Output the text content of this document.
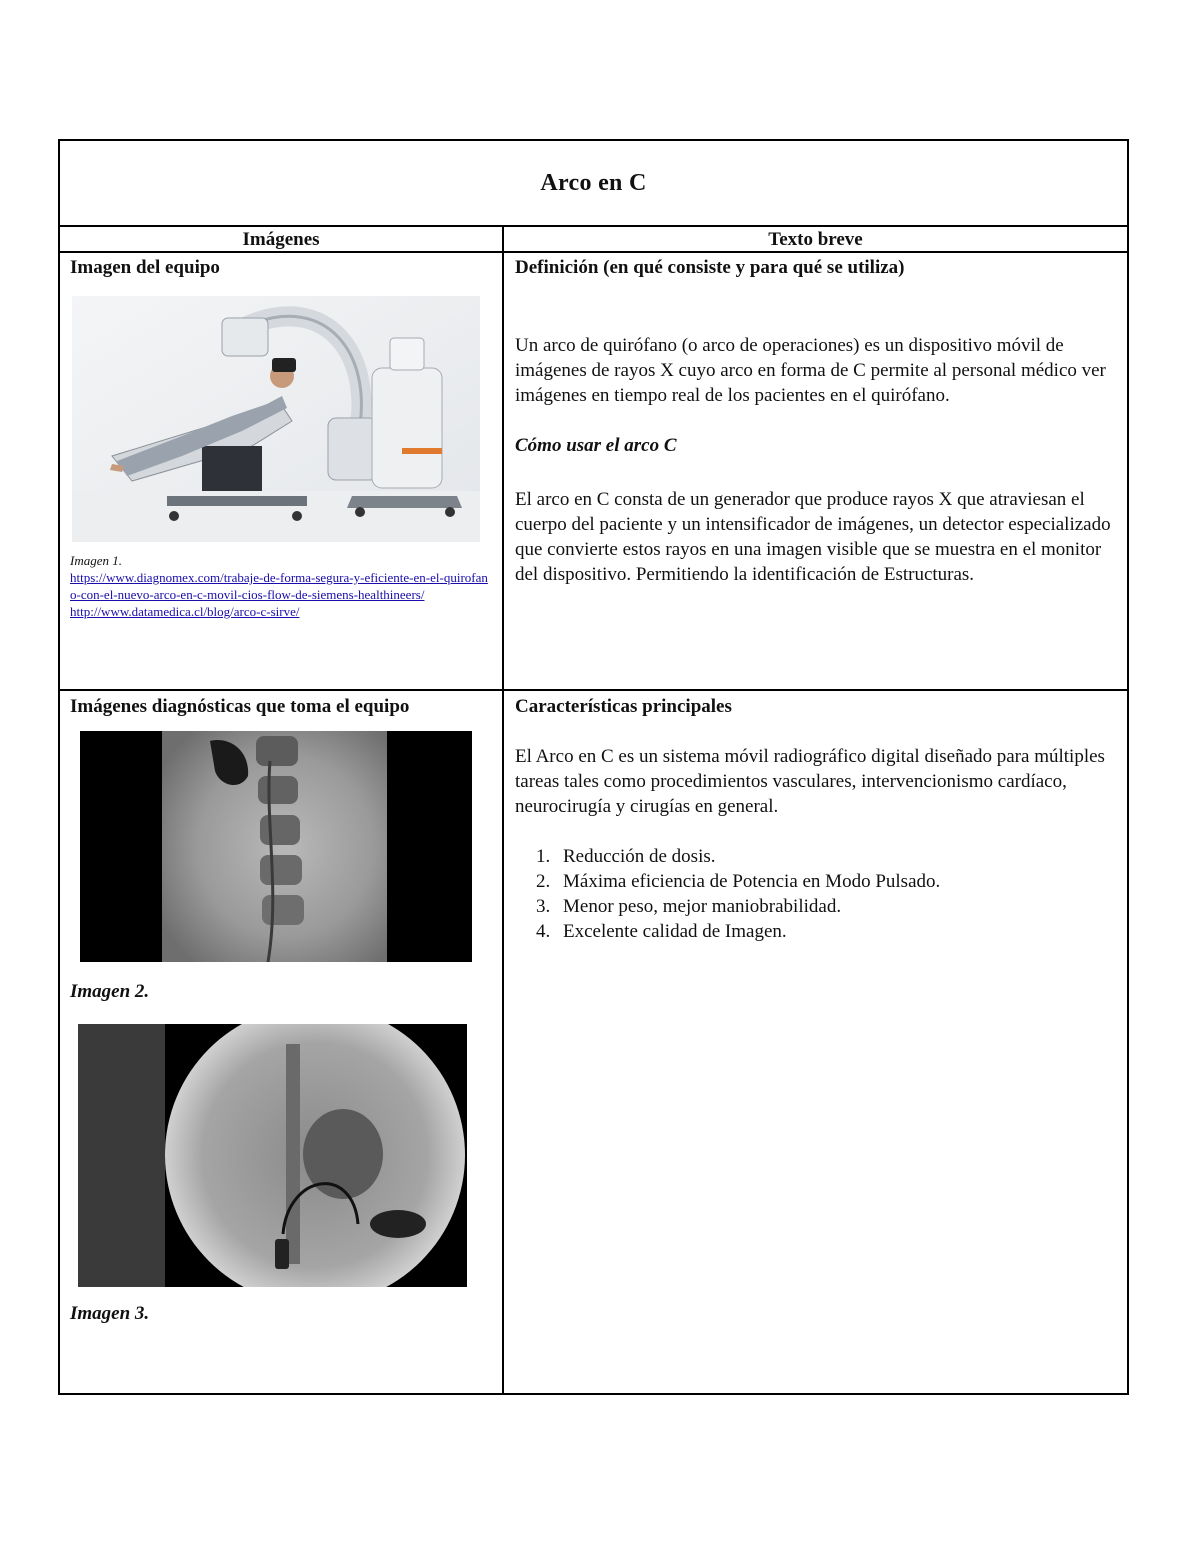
Arco en C
Imágenes	Texto breve

Imagen del equipo

Imagen 1.

https://www.diagnomex.com/trabaje-de-forma-segura-y-eficiente-en-el-quirofano-con-el-nuevo-arco-en-c-movil-cios-flow-de-siemens-healthineers/
http://www.datamedica.cl/blog/arco-c-sirve/

Definición (en qué consiste y para qué se utiliza)

Un arco de quirófano (o arco de operaciones) es un dispositivo móvil de imágenes de rayos X cuyo arco en forma de C permite al personal médico ver imágenes en tiempo real de los pacientes en el quirófano.

Cómo usar el arco C

El arco en C consta de un generador que produce rayos X que atraviesan el cuerpo del paciente y un intensificador de imágenes, un detector especializado que convierte estos rayos en una imagen visible que se muestra en el monitor del dispositivo. Permitiendo la identificación de Estructuras.

Imágenes diagnósticas que toma el equipo

Imagen 2.

Imagen 3.

Características principales

El Arco en C es un sistema móvil radiográfico digital diseñado para múltiples tareas tales como procedimientos vasculares, intervencionismo cardíaco, neurocirugía y cirugías en general.

1. Reducción de dosis.
2. Máxima eficiencia de Potencia en Modo Pulsado.
3. Menor peso, mejor maniobrabilidad.
4. Excelente calidad de Imagen.
